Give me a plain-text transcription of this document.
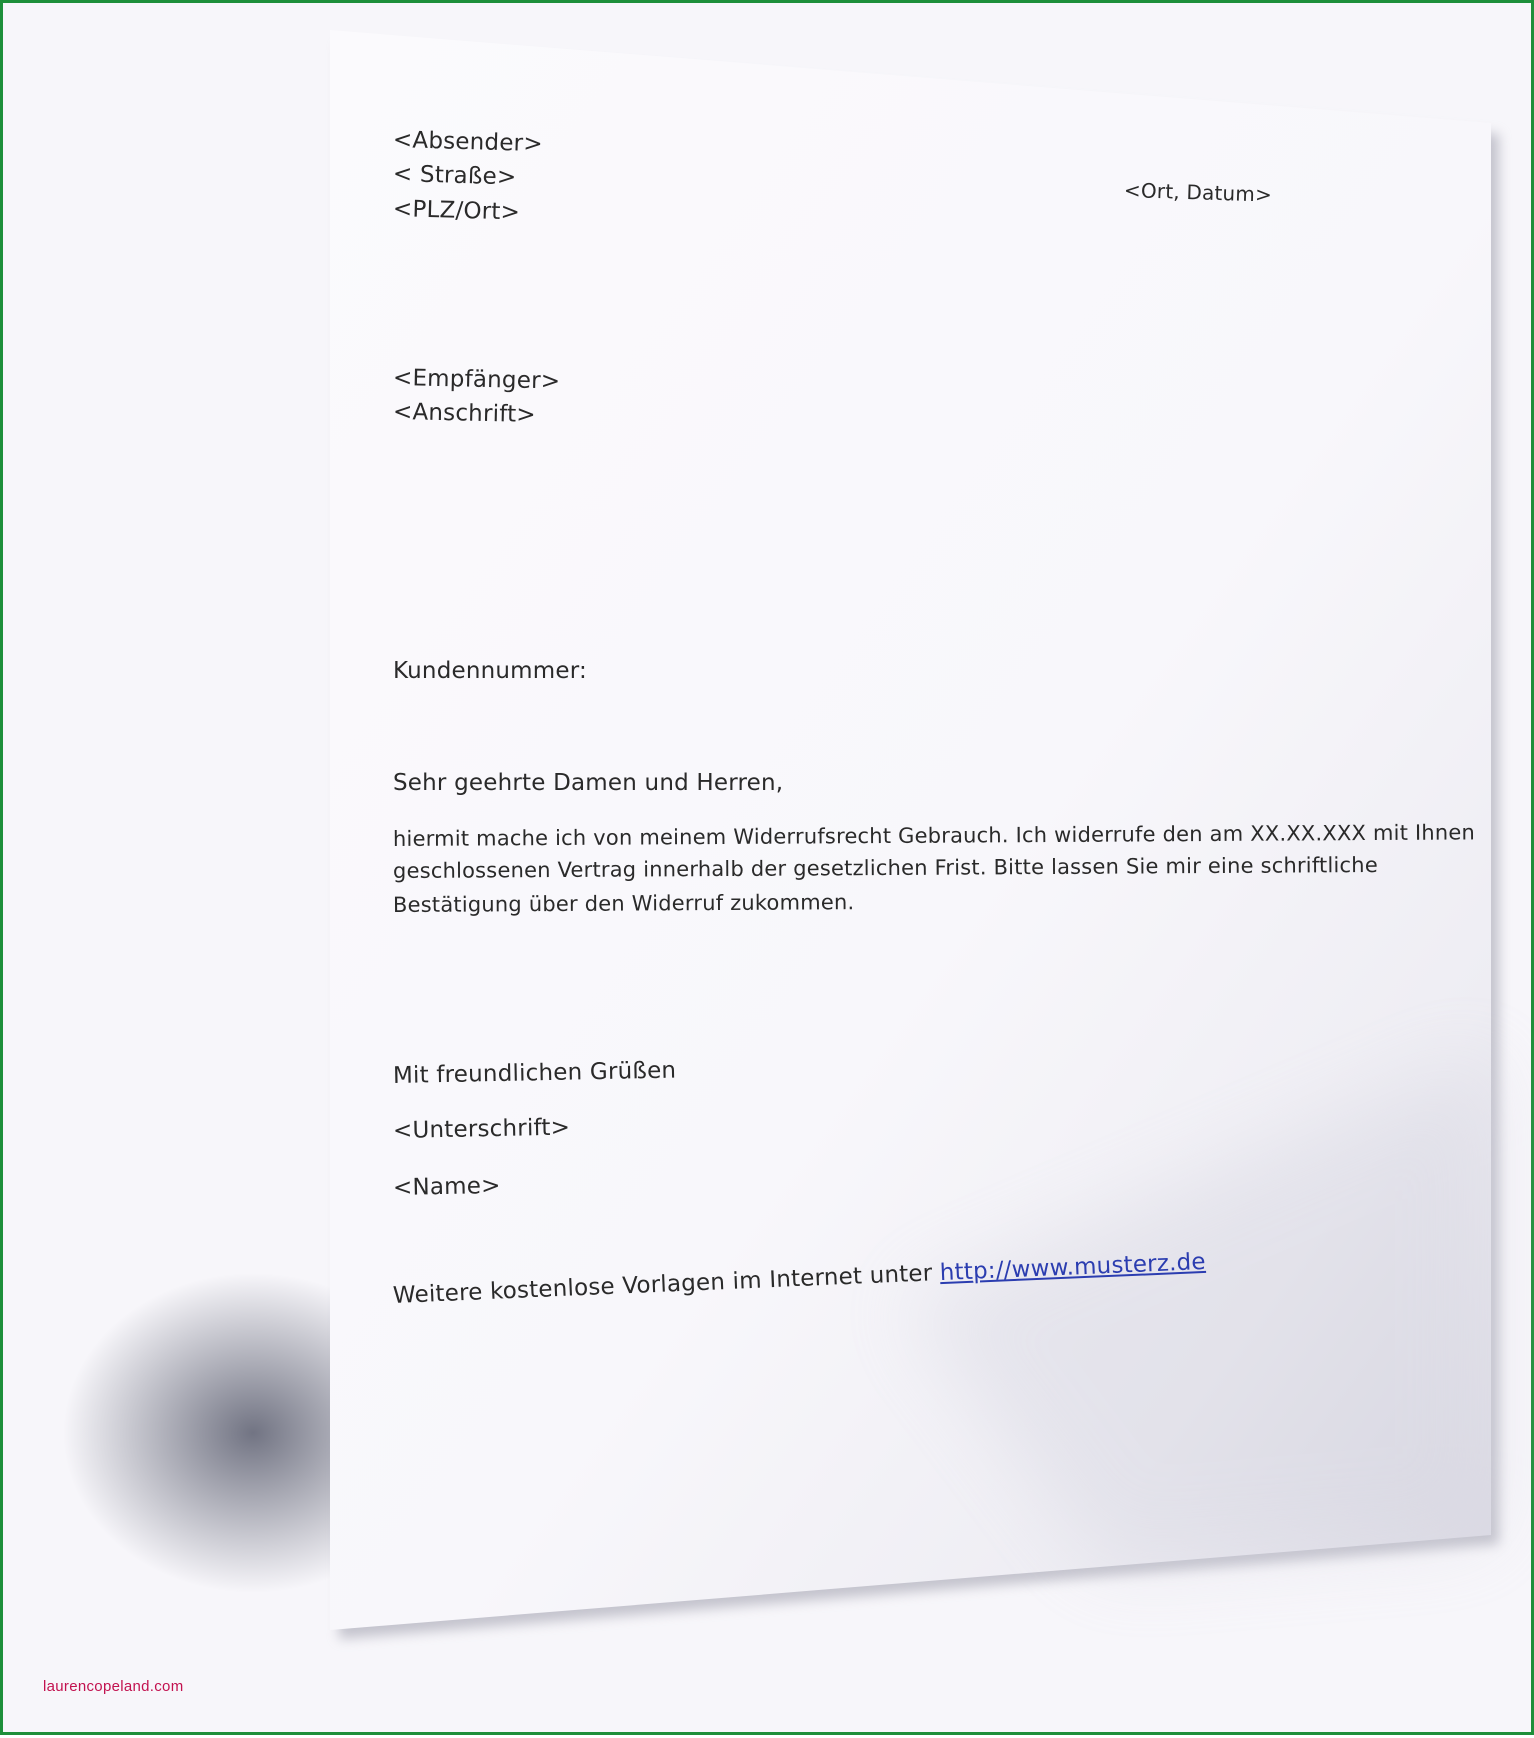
<Absender>
< Straße>
<PLZ/Ort>
<Ort, Datum>
<Empfänger>
<Anschrift>
Kundennummer:
Sehr geehrte Damen und Herren,
hiermit mache ich von meinem Widerrufsrecht Gebrauch. Ich widerrufe den am XX.XX.XXX mit Ihnen
geschlossenen Vertrag innerhalb der gesetzlichen Frist. Bitte lassen Sie mir eine schriftliche
Bestätigung über den Widerruf zukommen.
Mit freundlichen Grüßen
<Unterschrift>
<Name>
Weitere kostenlose Vorlagen im Internet unter http://www.musterz.de
laurencopeland.com
